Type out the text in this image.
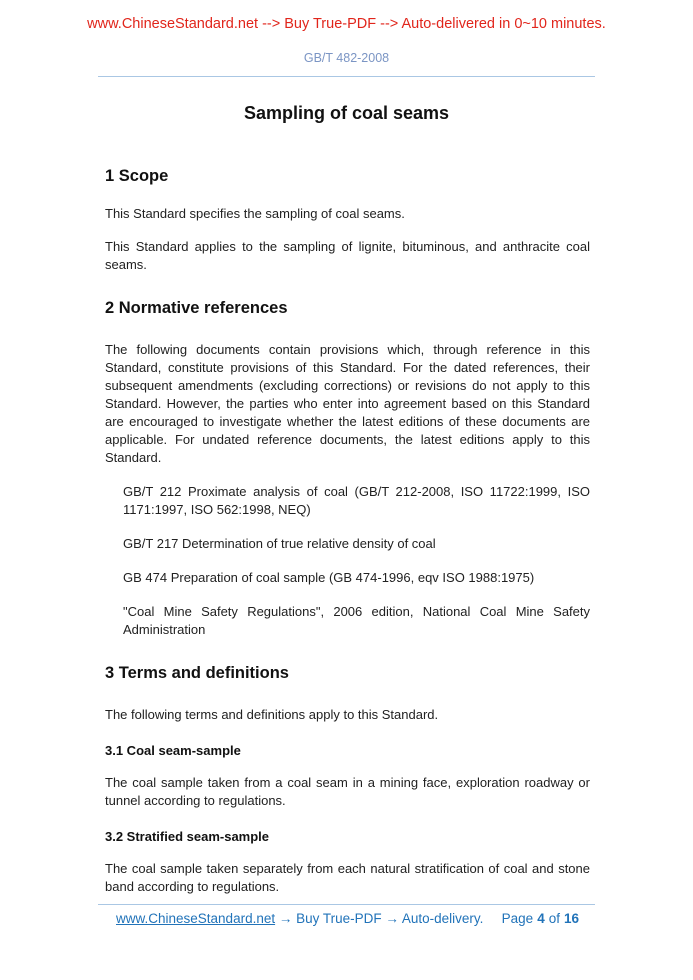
www.ChineseStandard.net --> Buy True-PDF --> Auto-delivered in 0~10 minutes.
GB/T 482-2008
Sampling of coal seams
1 Scope

This Standard specifies the sampling of coal seams.

This Standard applies to the sampling of lignite, bituminous, and anthracite coal seams.

2 Normative references

The following documents contain provisions which, through reference in this Standard, constitute provisions of this Standard. For the dated references, their subsequent amendments (excluding corrections) or revisions do not apply to this Standard. However, the parties who enter into agreement based on this Standard are encouraged to investigate whether the latest editions of these documents are applicable. For undated reference documents, the latest editions apply to this Standard.

GB/T 212 Proximate analysis of coal (GB/T 212-2008, ISO 11722:1999, ISO 1171:1997, ISO 562:1998, NEQ)

GB/T 217 Determination of true relative density of coal

GB 474 Preparation of coal sample (GB 474-1996, eqv ISO 1988:1975)

"Coal Mine Safety Regulations", 2006 edition, National Coal Mine Safety Administration

3 Terms and definitions

The following terms and definitions apply to this Standard.

3.1 Coal seam-sample

The coal sample taken from a coal seam in a mining face, exploration roadway or tunnel according to regulations.

3.2 Stratified seam-sample

The coal sample taken separately from each natural stratification of coal and stone band according to regulations.

www.ChineseStandard.net → Buy True-PDF → Auto-delivery. Page 4 of 16
